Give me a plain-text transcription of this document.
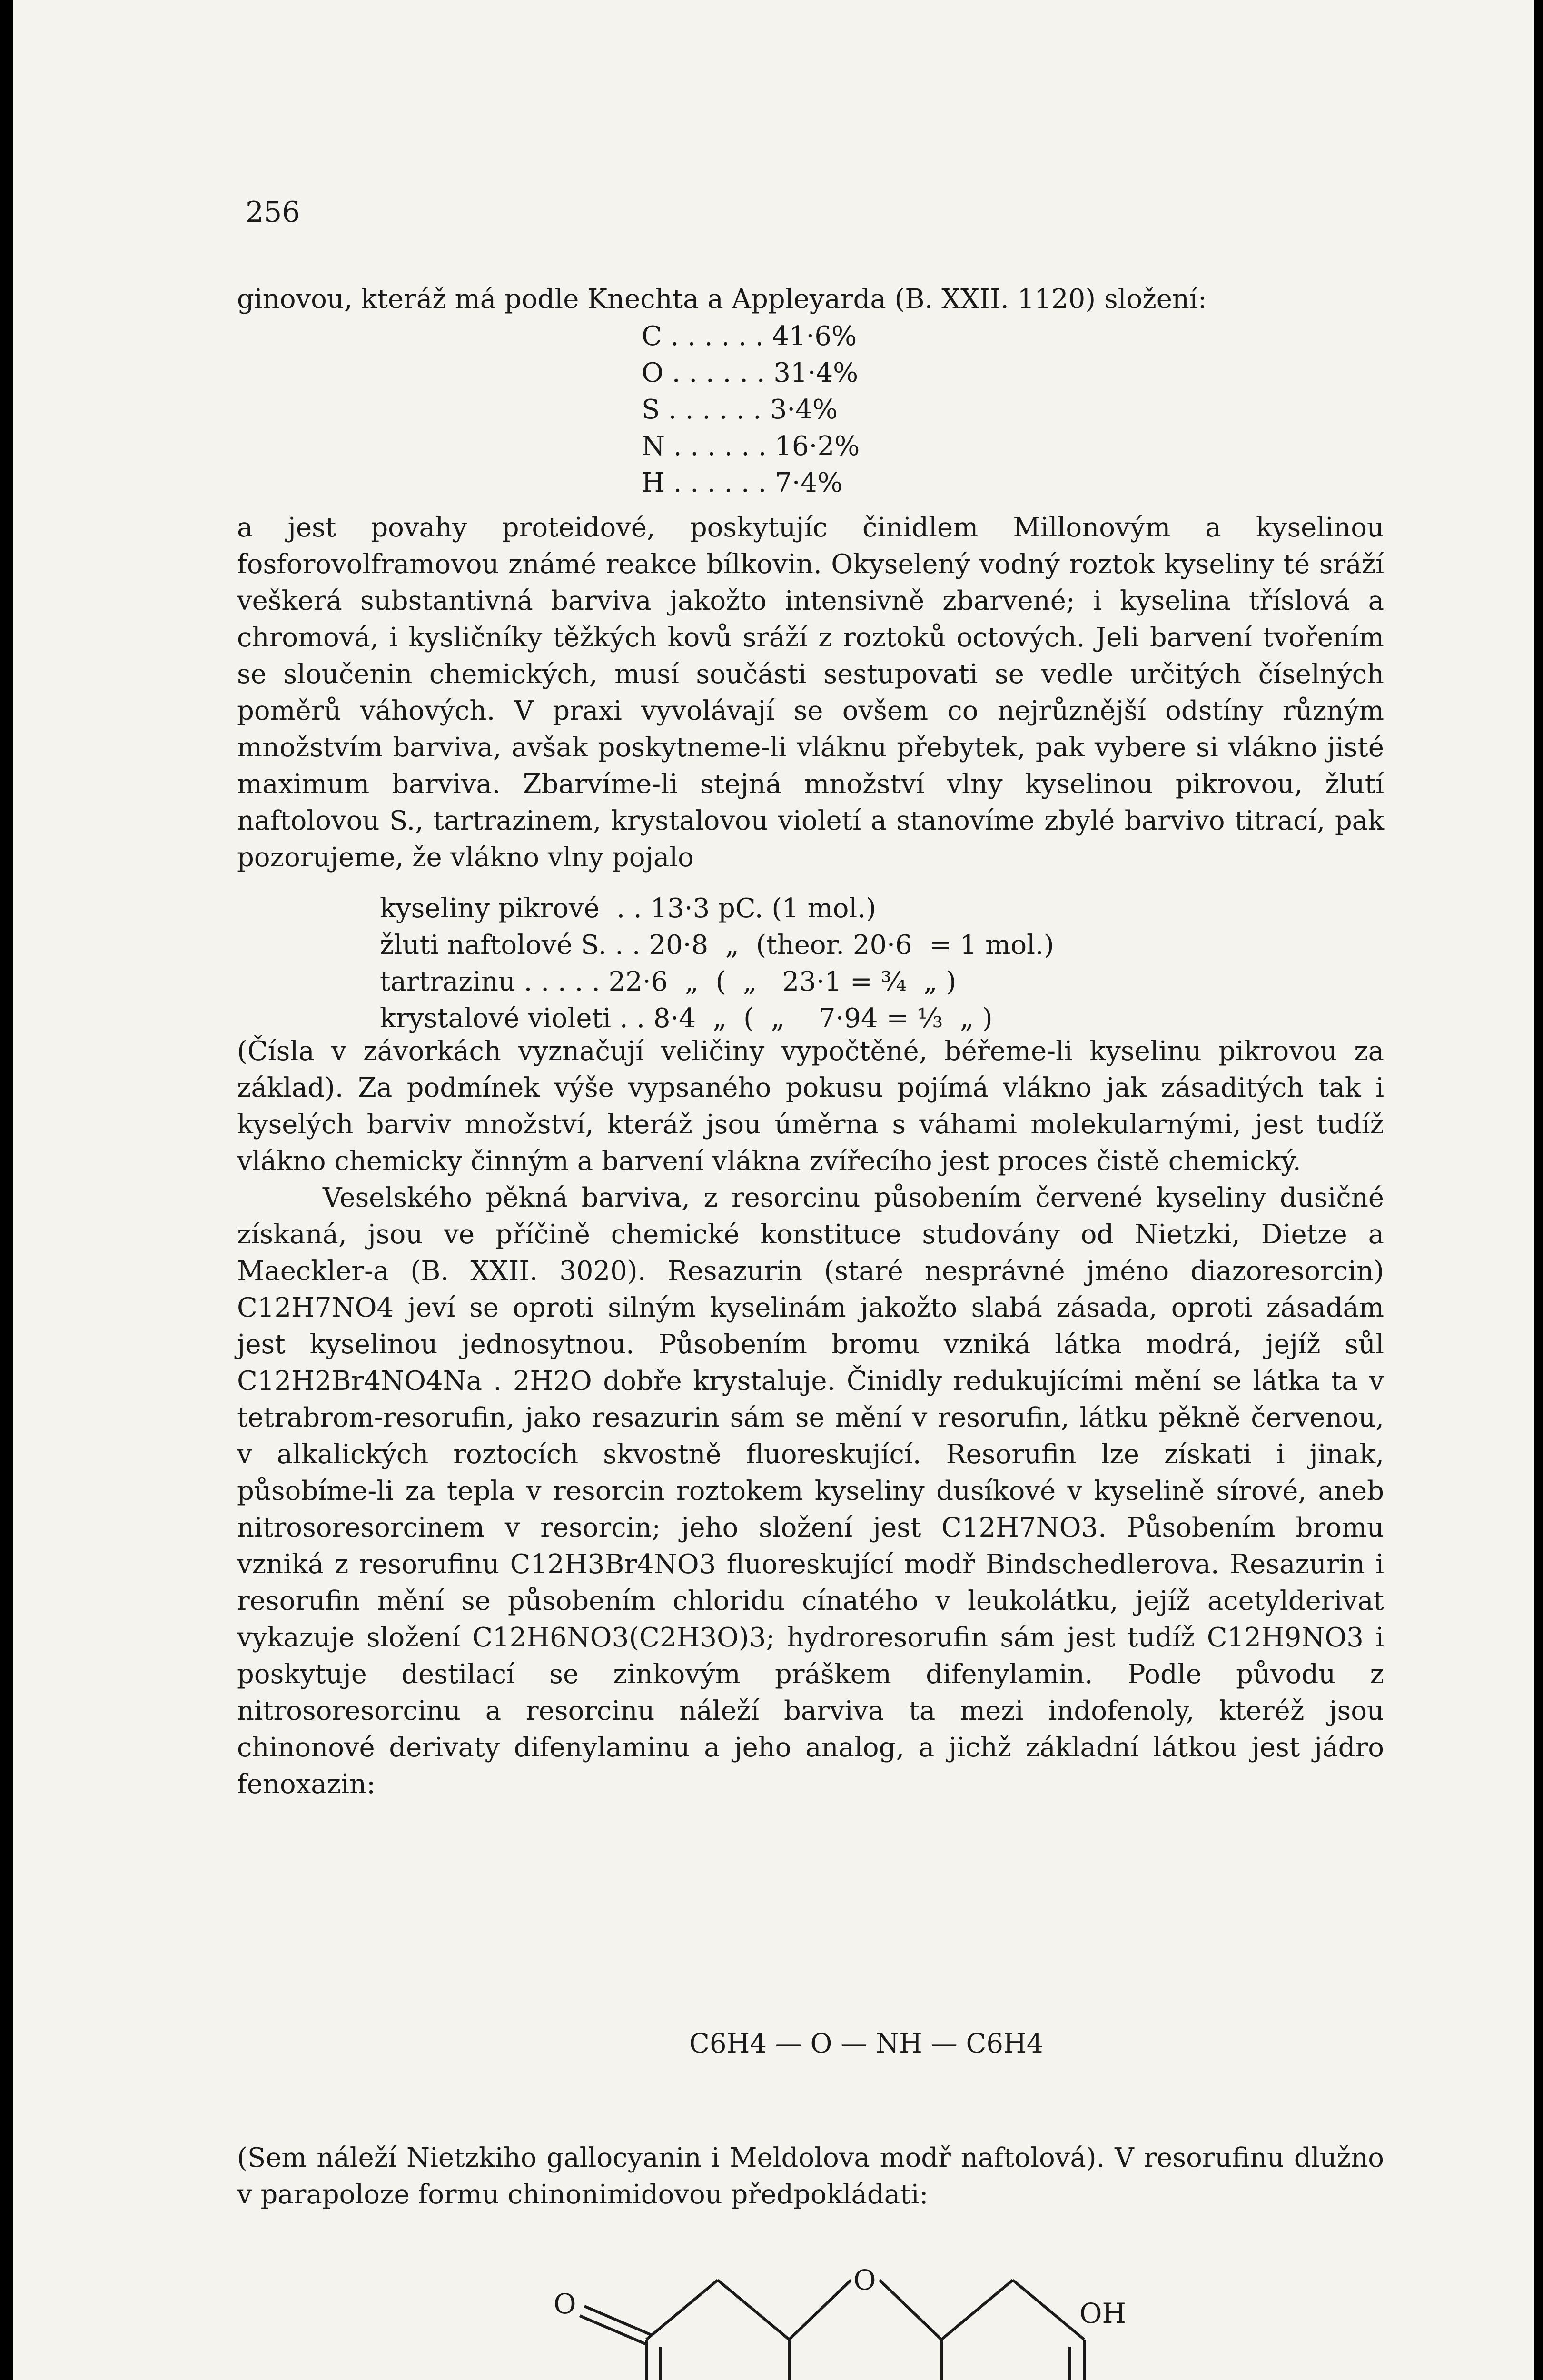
256

ginovou, kteráž má podle Knechta a Appleyarda (B. XXII. 1120) složení:

C . . . . . . 41·6%
O . . . . . . 31·4%
S . . . . . . 3·4%
N . . . . . . 16·2%
H . . . . . . 7·4%

a jest povahy proteidové, poskytujíc činidlem Millonovým a kyselinou fosforovolframovou známé reakce bílkovin. Okyselený vodný roztok kyseliny té sráží veškerá substantivná barviva jakožto intensivně zbarvené; i kyselina tříslová a chromová, i kysličníky těžkých kovů sráží z roztoků octových. Jeli barvení tvořením se sloučenin chemických, musí součásti sestupovati se vedle určitých číselných poměrů váhových. V praxi vyvolávají se ovšem co nejrůznější odstíny různým množstvím barviva, avšak poskytneme-li vláknu přebytek, pak vybere si vlákno jisté maximum barviva. Zbarvíme-li stejná množství vlny kyselinou pikrovou, žlutí naftolovou S., tartrazinem, krystalovou violetí a stanovíme zbylé barvivo titrací, pak pozorujeme, že vlákno vlny pojalo

kyseliny pikrové  . . 13·3 pC. (1 mol.)
žluti naftolové S. . . 20·8  „  (theor. 20·6  = 1 mol.)
tartrazinu . . . . . 22·6  „  (  „   23·1 = ¾  „ )
krystalové violeti . . 8·4  „  (  „    7·94 = ⅓  „ )

(Čísla v závorkách vyznačují veličiny vypočtěné, béřeme-li kyselinu pikrovou za základ). Za podmínek výše vypsaného pokusu pojímá vlákno jak zásaditých tak i kyselých barviv množství, kteráž jsou úměrna s váhami molekularnými, jest tudíž vlákno chemicky činným a barvení vlákna zvířecího jest proces čistě chemický.

Veselského pěkná barviva, z resorcinu působením červené kyseliny dusičné získaná, jsou ve příčině chemické konstituce studovány od Nietzki, Dietze a Maeckler-a (B. XXII. 3020). Resazurin (staré nesprávné jméno diazoresorcin) C12H7NO4 jeví se oproti silným kyselinám jakožto slabá zásada, oproti zásadám jest kyselinou jednosytnou. Působením bromu vzniká látka modrá, jejíž sůl C12H2Br4NO4Na . 2H2O dobře krystaluje. Činidly redukujícími mění se látka ta v tetrabrom-resorufin, jako resazurin sám se mění v resorufin, látku pěkně červenou, v alkalických roztocích skvostně fluoreskující. Resorufin lze získati i jinak, působíme-li za tepla v resorcin roztokem kyseliny dusíkové v kyselině sírové, aneb nitrosoresorcinem v resorcin; jeho složení jest C12H7NO3. Působením bromu vzniká z resorufinu C12H3Br4NO3 fluoreskující modř Bindschedlerova. Resazurin i resorufin mění se působením chloridu cínatého v leukolátku, jejíž acetylderivat vykazuje složení C12H6NO3(C2H3O)3; hydroresorufin sám jest tudíž C12H9NO3 i poskytuje destilací se zinkovým práškem difenylamin. Podle původu z nitrosoresorcinu a resorcinu náleží barviva ta mezi indofenoly, kteréž jsou chinonové derivaty difenylaminu a jeho analog, a jichž základní látkou jest jádro fenoxazin:

C6H4 — O — NH — C6H4

(Sem náleží Nietzkiho gallocyanin i Meldolova modř naftolová). V resorufinu dlužno v parapoloze formu chinonimidovou předpokládati:

O
O
OH
